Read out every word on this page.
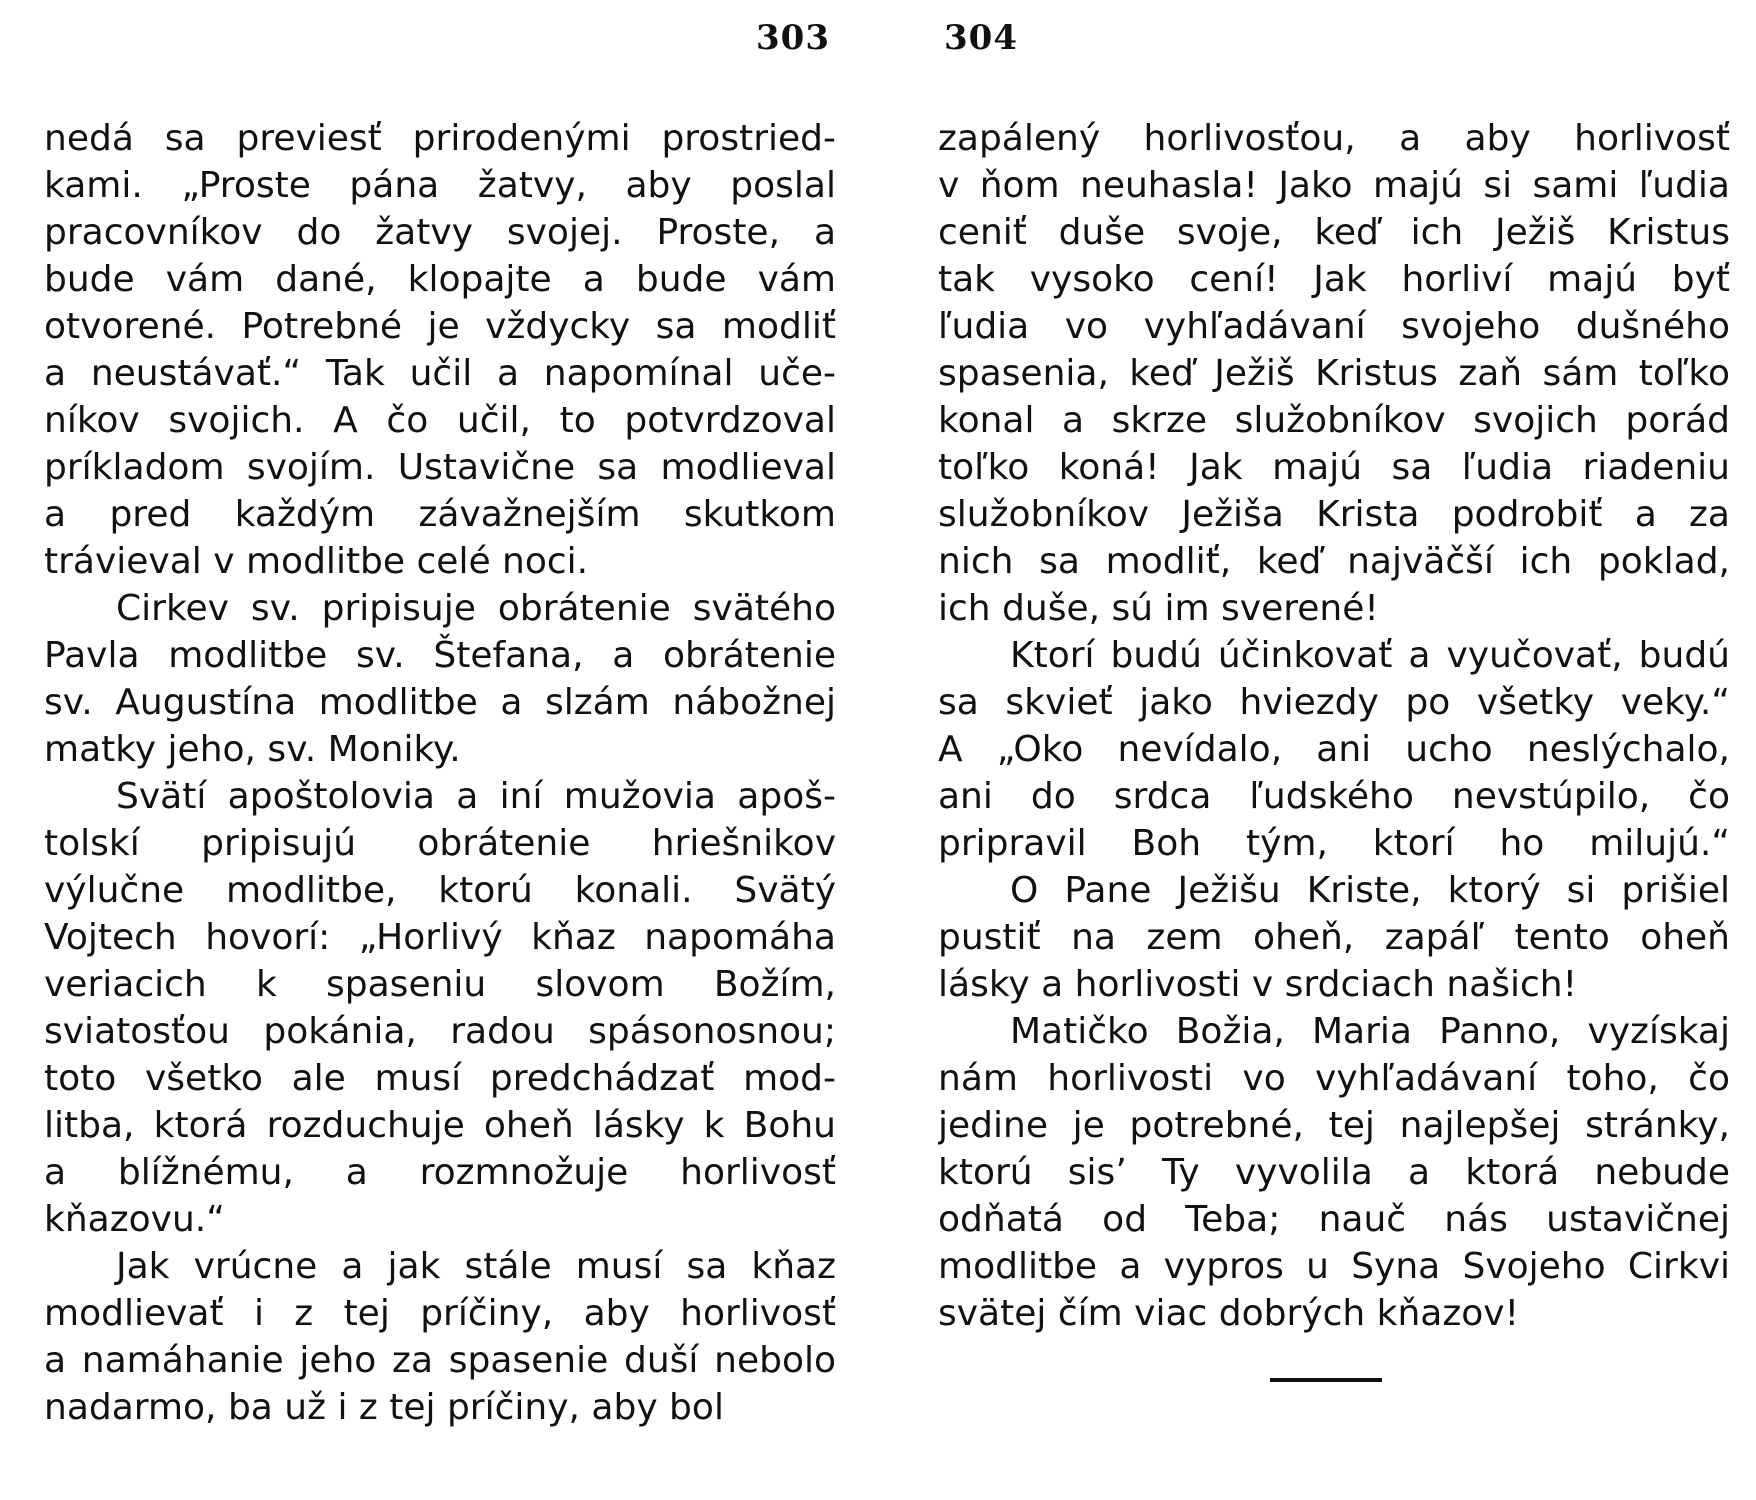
303	304
nedá sa previesť prirodenými prostried-
kami. „Proste pána žatvy, aby poslal
pracovníkov do žatvy svojej. Proste, a
bude vám dané, klopajte a bude vám
otvorené. Potrebné je vždycky sa modliť
a neustávať.“ Tak učil a napomínal uče-
níkov svojich. A čo učil, to potvrdzoval
príkladom svojím. Ustavične sa modlieval
a pred každým závažnejším skutkom
trávieval v modlitbe celé noci.
Cirkev sv. pripisuje obrátenie svätého
Pavla modlitbe sv. Štefana, a obrátenie
sv. Augustína modlitbe a slzám nábožnej
matky jeho, sv. Moniky.
Svätí apoštolovia a iní mužovia apoš-
tolskí pripisujú obrátenie hriešnikov
výlučne modlitbe, ktorú konali. Svätý
Vojtech hovorí: „Horlivý kňaz napomáha
veriacich k spaseniu slovom Božím,
sviatosťou pokánia, radou spásonosnou;
toto všetko ale musí predchádzať mod-
litba, ktorá rozduchuje oheň lásky k Bohu
a blížnému, a rozmnožuje horlivosť
kňazovu.“
Jak vrúcne a jak stále musí sa kňaz
modlievať i z tej príčiny, aby horlivosť
a namáhanie jeho za spasenie duší nebolo
nadarmo, ba už i z tej príčiny, aby bol
zapálený horlivosťou, a aby horlivosť
v ňom neuhasla! Jako majú si sami ľudia
ceniť duše svoje, keď ich Ježiš Kristus
tak vysoko cení! Jak horliví majú byť
ľudia vo vyhľadávaní svojeho dušného
spasenia, keď Ježiš Kristus zaň sám toľko
konal a skrze služobníkov svojich porád
toľko koná! Jak majú sa ľudia riadeniu
služobníkov Ježiša Krista podrobiť a za
nich sa modliť, keď najväčší ich poklad,
ich duše, sú im sverené!
Ktorí budú účinkovať a vyučovať, budú
sa skvieť jako hviezdy po všetky veky.“
A „Oko nevídalo, ani ucho neslýchalo,
ani do srdca ľudského nevstúpilo, čo
pripravil Boh tým, ktorí ho milujú.“
O Pane Ježišu Kriste, ktorý si prišiel
pustiť na zem oheň, zapáľ tento oheň
lásky a horlivosti v srdciach našich!
Matičko Božia, Maria Panno, vyzískaj
nám horlivosti vo vyhľadávaní toho, čo
jedine je potrebné, tej najlepšej stránky,
ktorú sis’ Ty vyvolila a ktorá nebude
odňatá od Teba; nauč nás ustavičnej
modlitbe a vypros u Syna Svojeho Cirkvi
svätej čím viac dobrých kňazov!
